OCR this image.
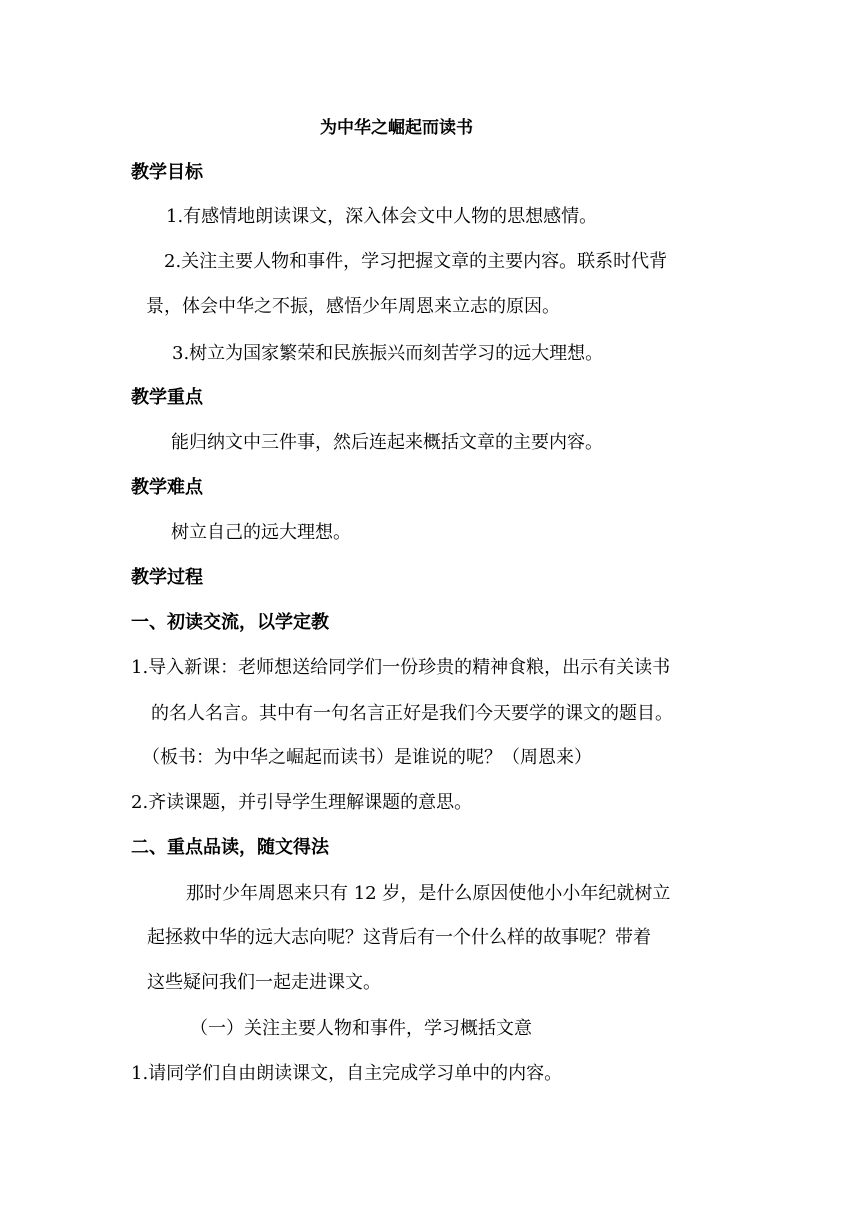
为中华之崛起而读书
教学目标
1.有感情地朗读课文，深入体会文中人物的思想感情。
2.关注主要人物和事件，学习把握文章的主要内容。联系时代背
景，体会中华之不振，感悟少年周恩来立志的原因。
3.树立为国家繁荣和民族振兴而刻苦学习的远大理想。
教学重点
能归纳文中三件事，然后连起来概括文章的主要内容。
教学难点
树立自己的远大理想。
教学过程
一、初读交流，以学定教
1.导入新课：老师想送给同学们一份珍贵的精神食粮，出示有关读书
的名人名言。其中有一句名言正好是我们今天要学的课文的题目。
（板书：为中华之崛起而读书）是谁说的呢？（周恩来）
2.齐读课题，并引导学生理解课题的意思。
二、重点品读，随文得法
那时少年周恩来只有 12 岁，是什么原因使他小小年纪就树立
起拯救中华的远大志向呢？这背后有一个什么样的故事呢？带着
这些疑问我们一起走进课文。
（一）关注主要人物和事件，学习概括文意
1.请同学们自由朗读课文，自主完成学习单中的内容。
